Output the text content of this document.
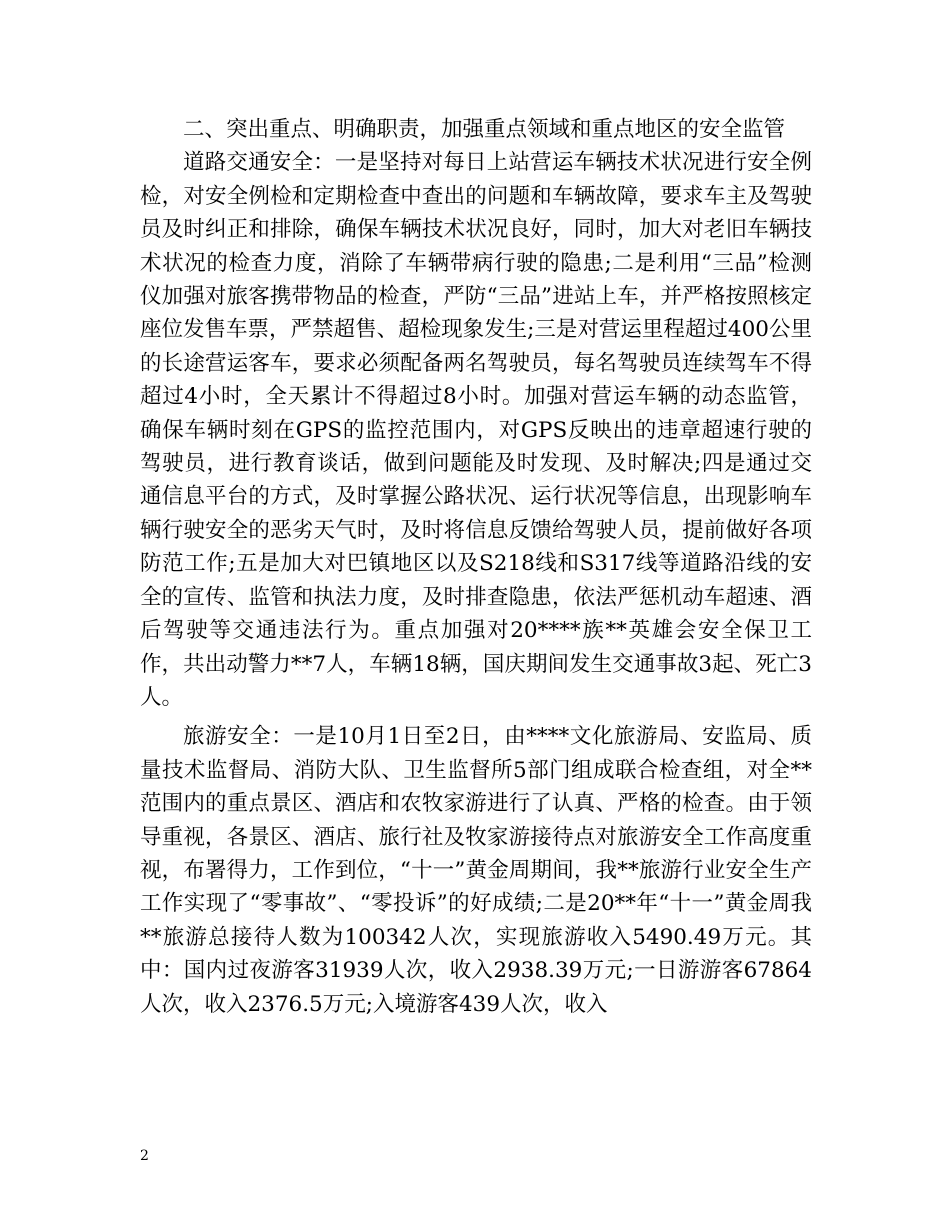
二、突出重点、明确职责，加强重点领域和重点地区的安全监管

道路交通安全：一是坚持对每日上站营运车辆技术状况进行安全例检，对安全例检和定期检查中查出的问题和车辆故障，要求车主及驾驶员及时纠正和排除，确保车辆技术状况良好，同时，加大对老旧车辆技术状况的检查力度，消除了车辆带病行驶的隐患;二是利用“三品”检测仪加强对旅客携带物品的检查，严防“三品”进站上车，并严格按照核定座位发售车票，严禁超售、超检现象发生;三是对营运里程超过400公里的长途营运客车，要求必须配备两名驾驶员，每名驾驶员连续驾车不得超过4小时，全天累计不得超过8小时。加强对营运车辆的动态监管，确保车辆时刻在GPS的监控范围内，对GPS反映出的违章超速行驶的驾驶员，进行教育谈话，做到问题能及时发现、及时解决;四是通过交通信息平台的方式，及时掌握公路状况、运行状况等信息，出现影响车辆行驶安全的恶劣天气时，及时将信息反馈给驾驶人员，提前做好各项防范工作;五是加大对巴镇地区以及S218线和S317线等道路沿线的安全的宣传、监管和执法力度，及时排查隐患，依法严惩机动车超速、酒后驾驶等交通违法行为。重点加强对20****族**英雄会安全保卫工作，共出动警力**7人，车辆18辆，国庆期间发生交通事故3起、死亡3人。

旅游安全：一是10月1日至2日，由****文化旅游局、安监局、质量技术监督局、消防大队、卫生监督所5部门组成联合检查组，对全**范围内的重点景区、酒店和农牧家游进行了认真、严格的检查。由于领导重视，各景区、酒店、旅行社及牧家游接待点对旅游安全工作高度重视，布署得力，工作到位，“十一”黄金周期间，我**旅游行业安全生产工作实现了“零事故”、“零投诉”的好成绩;二是20**年“十一”黄金周我**旅游总接待人数为100342人次，实现旅游收入5490.49万元。其中：国内过夜游客31939人次，收入2938.39万元;一日游游客67864人次，收入2376.5万元;入境游客439人次，收入

2
